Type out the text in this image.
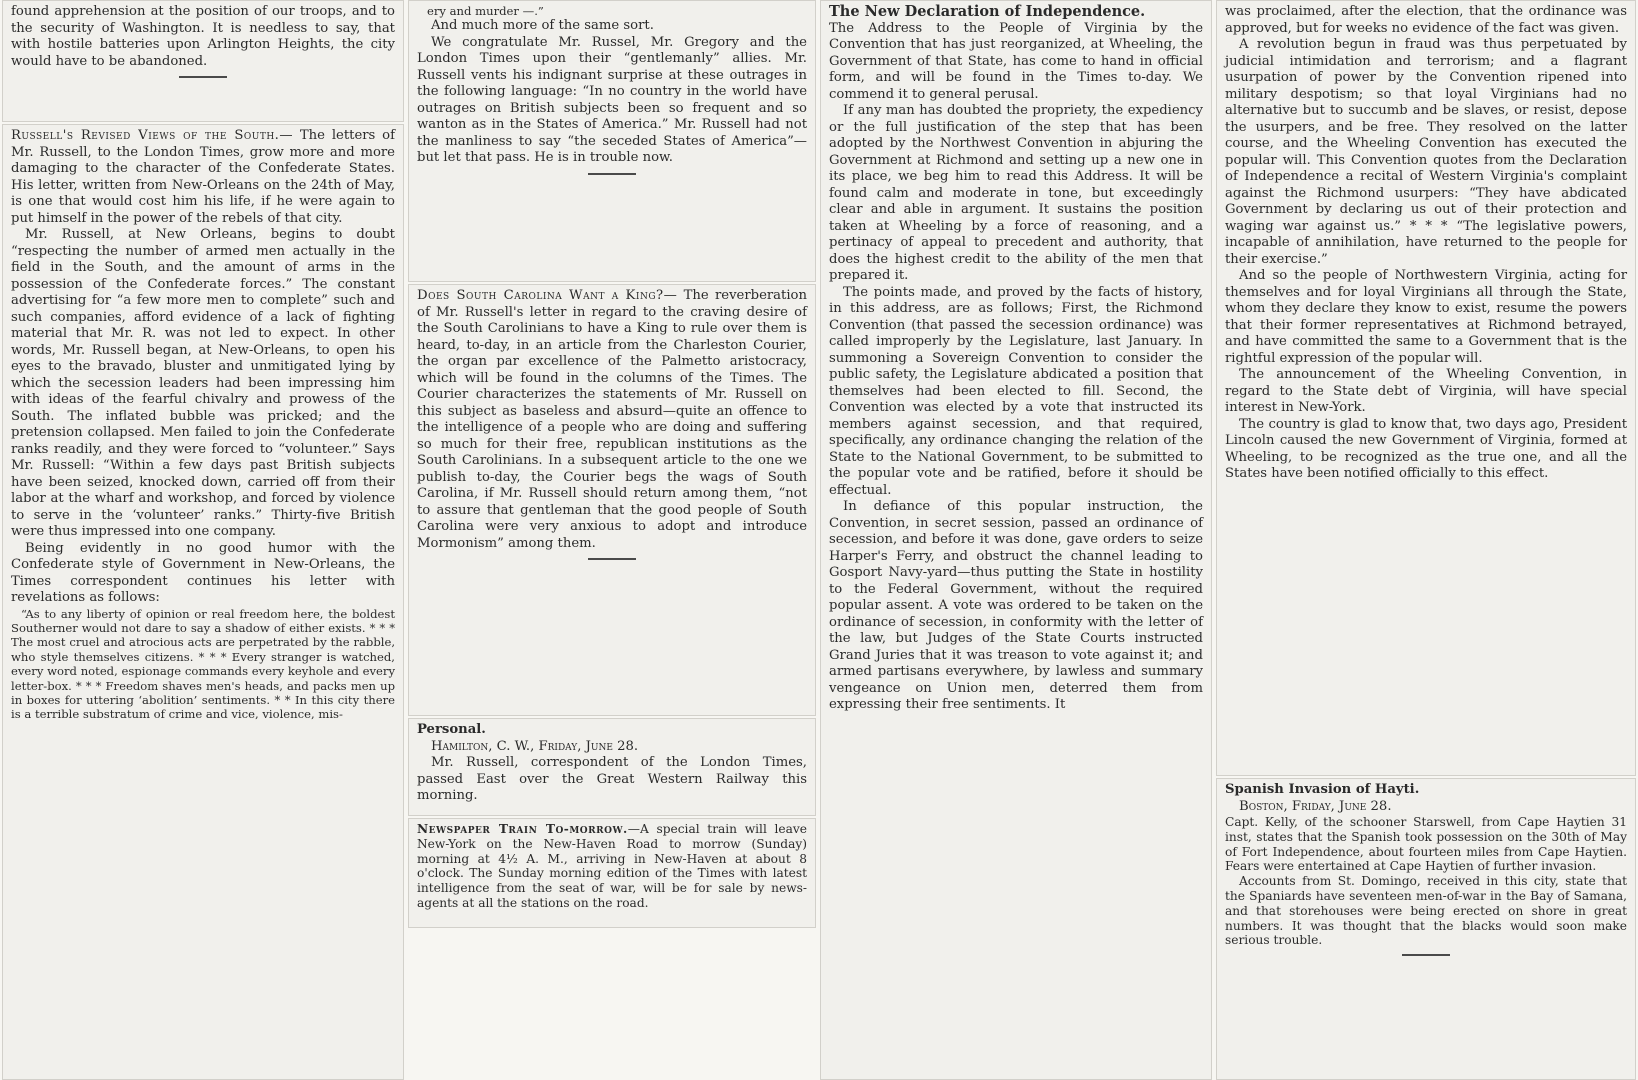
found apprehension at the position of our troops, and to the security of Washington. It is needless to say, that with hostile batteries upon Arlington Heights, the city would have to be abandoned.

Russell's Revised Views of the South.— The letters of Mr. Russell, to the London Times, grow more and more damaging to the character of the Confederate States. His letter, written from New-Orleans on the 24th of May, is one that would cost him his life, if he were again to put himself in the power of the rebels of that city.

Mr. Russell, at New Orleans, begins to doubt “respecting the number of armed men actually in the field in the South, and the amount of arms in the possession of the Confederate forces.” The constant advertising for “a few more men to complete” such and such companies, afford evidence of a lack of fighting material that Mr. R. was not led to expect. In other words, Mr. Russell began, at New-Orleans, to open his eyes to the bravado, bluster and unmitigated lying by which the secession leaders had been impressing him with ideas of the fearful chivalry and prowess of the South. The inflated bubble was pricked; and the pretension collapsed. Men failed to join the Confederate ranks readily, and they were forced to “volunteer.” Says Mr. Russell: “Within a few days past British subjects have been seized, knocked down, carried off from their labor at the wharf and workshop, and forced by violence to serve in the ‘volunteer’ ranks.” Thirty-five British were thus impressed into one company.

Being evidently in no good humor with the Confederate style of Government in New-Orleans, the Times correspondent continues his letter with revelations as follows:

“As to any liberty of opinion or real freedom here, the boldest Southerner would not dare to say a shadow of either exists. * * * The most cruel and atrocious acts are perpetrated by the rabble, who style themselves citizens. * * * Every stranger is watched, every word noted, espionage commands every keyhole and every letter-box. * * * Freedom shaves men's heads, and packs men up in boxes for uttering ‘abolition’ sentiments. * * In this city there is a terrible substratum of crime and vice, violence, mis-

ery and murder —.”

And much more of the same sort.

We congratulate Mr. Russel, Mr. Gregory and the London Times upon their “gentlemanly” allies. Mr. Russell vents his indignant surprise at these outrages in the following language: “In no country in the world have outrages on British subjects been so frequent and so wanton as in the States of America.” Mr. Russell had not the manliness to say “the seceded States of America”—but let that pass. He is in trouble now.

Does South Carolina Want a King?— The reverberation of Mr. Russell's letter in regard to the craving desire of the South Carolinians to have a King to rule over them is heard, to-day, in an article from the Charleston Courier, the organ par excellence of the Palmetto aristocracy, which will be found in the columns of the Times. The Courier characterizes the statements of Mr. Russell on this subject as baseless and absurd—quite an offence to the intelligence of a people who are doing and suffering so much for their free, republican institutions as the South Carolinians. In a subsequent article to the one we publish to-day, the Courier begs the wags of South Carolina, if Mr. Russell should return among them, “not to assure that gentleman that the good people of South Carolina were very anxious to adopt and introduce Mormonism” among them.

Personal.

Hamilton, C. W., Friday, June 28.

Mr. Russell, correspondent of the London Times, passed East over the Great Western Railway this morning.

Newspaper Train To-morrow.—A special train will leave New-York on the New-Haven Road to morrow (Sunday) morning at 4½ A. M., arriving in New-Haven at about 8 o'clock. The Sunday morning edition of the Times with latest intelligence from the seat of war, will be for sale by news-agents at all the stations on the road.

The New Declaration of Independence.

The Address to the People of Virginia by the Convention that has just reorganized, at Wheeling, the Government of that State, has come to hand in official form, and will be found in the Times to-day. We commend it to general perusal.

If any man has doubted the propriety, the expediency or the full justification of the step that has been adopted by the Northwest Convention in abjuring the Government at Richmond and setting up a new one in its place, we beg him to read this Address. It will be found calm and moderate in tone, but exceedingly clear and able in argument. It sustains the position taken at Wheeling by a force of reasoning, and a pertinacy of appeal to precedent and authority, that does the highest credit to the ability of the men that prepared it.

The points made, and proved by the facts of history, in this address, are as follows; First, the Richmond Convention (that passed the secession ordinance) was called improperly by the Legislature, last January. In summoning a Sovereign Convention to consider the public safety, the Legislature abdicated a position that themselves had been elected to fill. Second, the Convention was elected by a vote that instructed its members against secession, and that required, specifically, any ordinance changing the relation of the State to the National Government, to be submitted to the popular vote and be ratified, before it should be effectual.

In defiance of this popular instruction, the Convention, in secret session, passed an ordinance of secession, and before it was done, gave orders to seize Harper's Ferry, and obstruct the channel leading to Gosport Navy-yard—thus putting the State in hostility to the Federal Government, without the required popular assent. A vote was ordered to be taken on the ordinance of secession, in conformity with the letter of the law, but Judges of the State Courts instructed Grand Juries that it was treason to vote against it; and armed partisans everywhere, by lawless and summary vengeance on Union men, deterred them from expressing their free sentiments. It

was proclaimed, after the election, that the ordinance was approved, but for weeks no evidence of the fact was given.

A revolution begun in fraud was thus perpetuated by judicial intimidation and terrorism; and a flagrant usurpation of power by the Convention ripened into military despotism; so that loyal Virginians had no alternative but to succumb and be slaves, or resist, depose the usurpers, and be free. They resolved on the latter course, and the Wheeling Convention has executed the popular will. This Convention quotes from the Declaration of Independence a recital of Western Virginia's complaint against the Richmond usurpers: “They have abdicated Government by declaring us out of their protection and waging war against us.” * * * “The legislative powers, incapable of annihilation, have returned to the people for their exercise.”

And so the people of Northwestern Virginia, acting for themselves and for loyal Virginians all through the State, whom they declare they know to exist, resume the powers that their former representatives at Richmond betrayed, and have committed the same to a Government that is the rightful expression of the popular will.

The announcement of the Wheeling Convention, in regard to the State debt of Virginia, will have special interest in New-York.

The country is glad to know that, two days ago, President Lincoln caused the new Government of Virginia, formed at Wheeling, to be recognized as the true one, and all the States have been notified officially to this effect.

Spanish Invasion of Hayti.

Boston, Friday, June 28.

Capt. Kelly, of the schooner Starswell, from Cape Haytien 31 inst, states that the Spanish took possession on the 30th of May of Fort Independence, about fourteen miles from Cape Haytien. Fears were entertained at Cape Haytien of further invasion.

Accounts from St. Domingo, received in this city, state that the Spaniards have seventeen men-of-war in the Bay of Samana, and that storehouses were being erected on shore in great numbers. It was thought that the blacks would soon make serious trouble.
